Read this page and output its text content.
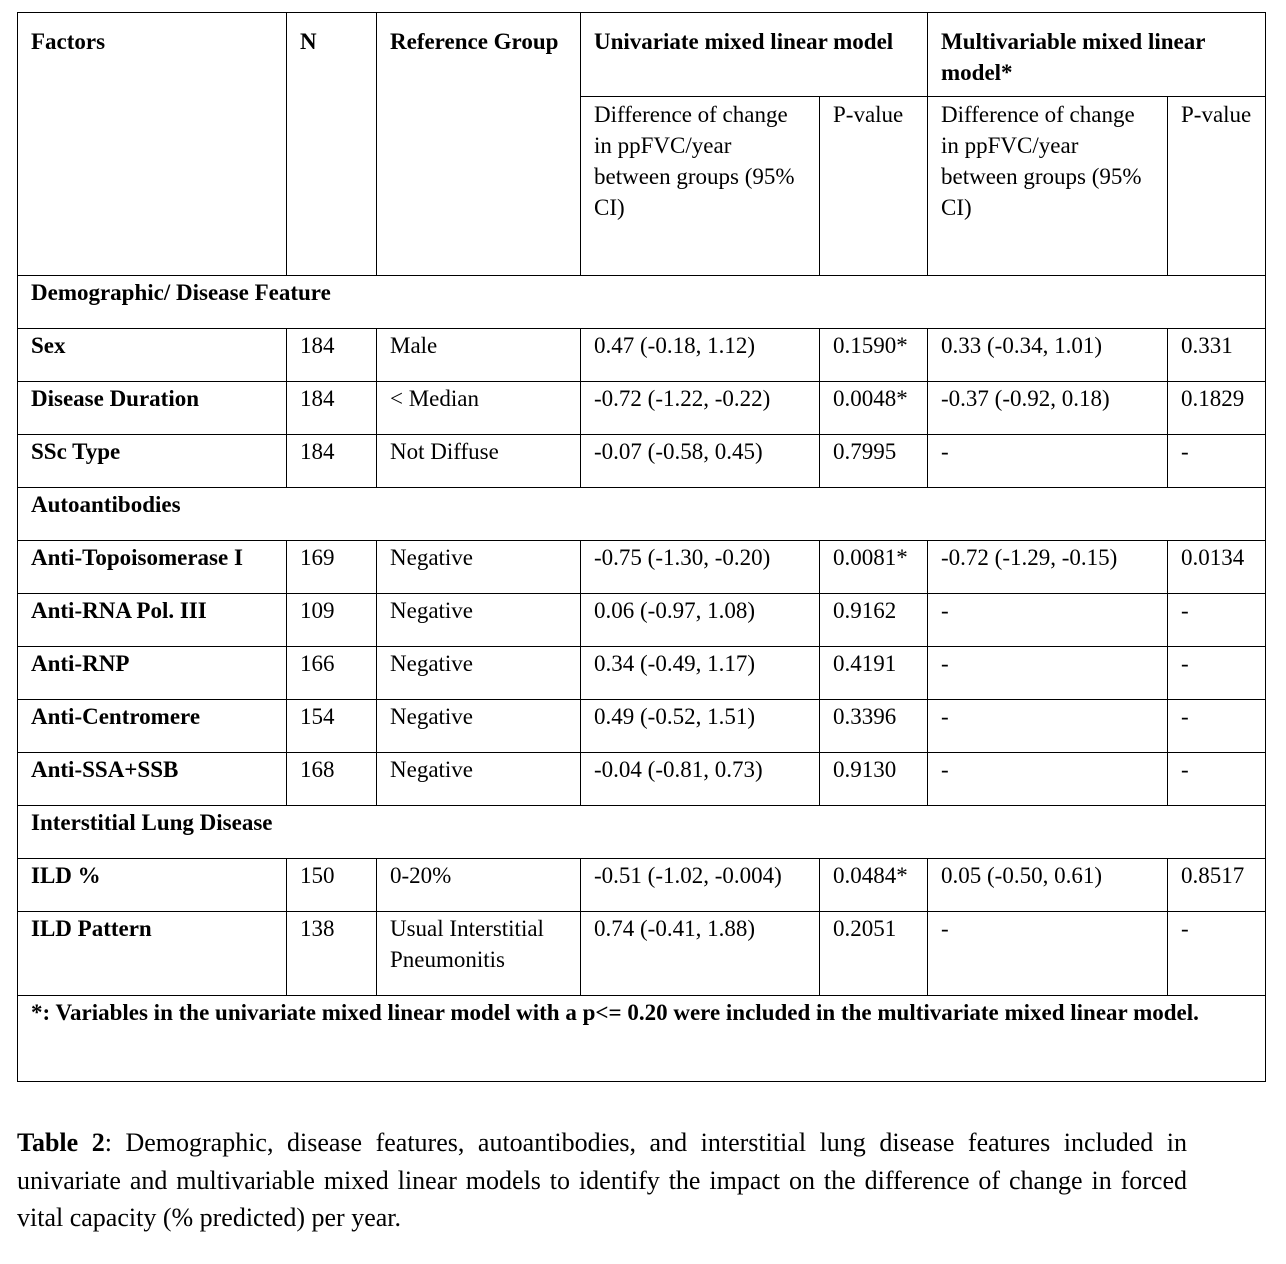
Factors	N	Reference Group	Univariate mixed linear model		Multivariable mixed linear model*	
			Difference of change in ppFVC/year between groups (95% CI)	P-value	Difference of change in ppFVC/year between groups (95% CI)	P-value
Demographic/ Disease Feature						
Sex	184	Male	0.47 (-0.18, 1.12)	0.1590*	0.33 (-0.34, 1.01)	0.331
Disease Duration	184	< Median	-0.72 (-1.22, -0.22)	0.0048*	-0.37 (-0.92, 0.18)	0.1829
SSc Type	184	Not Diffuse	-0.07 (-0.58, 0.45)	0.7995	-	-
Autoantibodies						
Anti-Topoisomerase I	169	Negative	-0.75 (-1.30, -0.20)	0.0081*	-0.72 (-1.29, -0.15)	0.0134
Anti-RNA Pol. III	109	Negative	0.06 (-0.97, 1.08)	0.9162	-	-
Anti-RNP	166	Negative	0.34 (-0.49, 1.17)	0.4191	-	-
Anti-Centromere	154	Negative	0.49 (-0.52, 1.51)	0.3396	-	-
Anti-SSA+SSB	168	Negative	-0.04 (-0.81, 0.73)	0.9130	-	-
Interstitial Lung Disease						
ILD %	150	0-20%	-0.51 (-1.02, -0.004)	0.0484*	0.05 (-0.50, 0.61)	0.8517
ILD Pattern	138	Usual Interstitial Pneumonitis	0.74 (-0.41, 1.88)	0.2051	-	-
*: Variables in the univariate mixed linear model with a p<= 0.20 were included in the multivariate mixed linear model.						
Table 2: Demographic, disease features, autoantibodies, and interstitial lung disease features included in univariate and multivariable mixed linear models to identify the impact on the difference of change in forced vital capacity (% predicted) per year.
